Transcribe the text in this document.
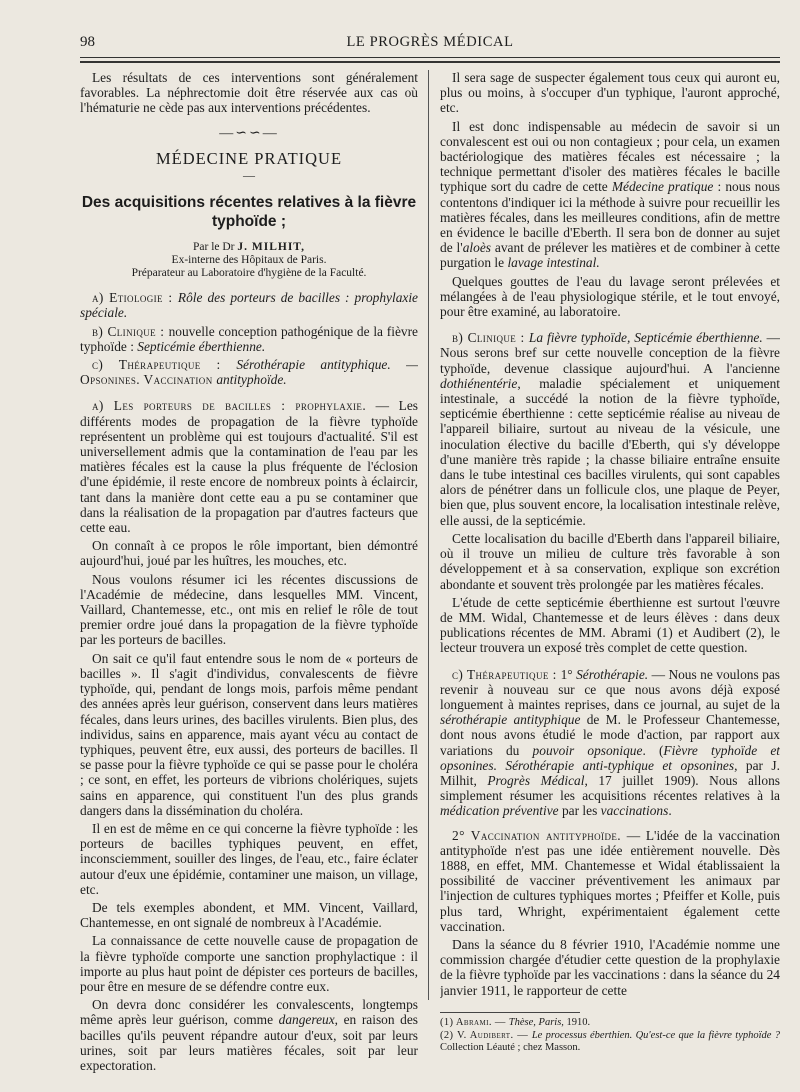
98	LE PROGRÈS MÉDICAL

Les résultats de ces interventions sont généralement favorables. La néphrectomie doit être réservée aux cas où l'hématurie ne cède pas aux interventions précédentes.

—∽∽—
MÉDECINE PRATIQUE
—
Des acquisitions récentes relatives à la fièvre typhoïde ;
Par le Dr J. MILHIT,
Ex-interne des Hôpitaux de Paris.
Préparateur au Laboratoire d'hygiène de la Faculté.

a) Etiologie : Rôle des porteurs de bacilles : prophylaxie spéciale.

b) Clinique : nouvelle conception pathogénique de la fièvre typhoïde : Septicémie éberthienne.

c) Thérapeutique : Sérothérapie antityphique. — Opsonines. Vaccination antityphoïde.

a) Les porteurs de bacilles : prophylaxie. — Les différents modes de propagation de la fièvre typhoïde représentent un problème qui est toujours d'actualité. S'il est universellement admis que la contamination de l'eau par les matières fécales est la cause la plus fréquente de l'éclosion d'une épidémie, il reste encore de nombreux points à éclaircir, tant dans la manière dont cette eau a pu se contaminer que dans la réalisation de la propagation par d'autres facteurs que cette eau.

On connaît à ce propos le rôle important, bien démontré aujourd'hui, joué par les huîtres, les mouches, etc.

Nous voulons résumer ici les récentes discussions de l'Académie de médecine, dans lesquelles MM. Vincent, Vaillard, Chantemesse, etc., ont mis en relief le rôle de tout premier ordre joué dans la propagation de la fièvre typhoïde par les porteurs de bacilles.

On sait ce qu'il faut entendre sous le nom de « porteurs de bacilles ». Il s'agit d'individus, convalescents de fièvre typhoïde, qui, pendant de longs mois, parfois même pendant des années après leur guérison, conservent dans leurs matières fécales, dans leurs urines, des bacilles virulents. Bien plus, des individus, sains en apparence, mais ayant vécu au contact de typhiques, peuvent être, eux aussi, des porteurs de bacilles. Il se passe pour la fièvre typhoïde ce qui se passe pour le choléra ; ce sont, en effet, les porteurs de vibrions cholériques, sujets sains en apparence, qui constituent l'un des plus grands dangers dans la dissémination du choléra.

Il en est de même en ce qui concerne la fièvre typhoïde : les porteurs de bacilles typhiques peuvent, en effet, inconsciemment, souiller des linges, de l'eau, etc., faire éclater autour d'eux une épidémie, contaminer une maison, un village, etc.

De tels exemples abondent, et MM. Vincent, Vaillard, Chantemesse, en ont signalé de nombreux à l'Académie.

La connaissance de cette nouvelle cause de propagation de la fièvre typhoïde comporte une sanction prophylactique : il importe au plus haut point de dépister ces porteurs de bacilles, pour être en mesure de se défendre contre eux.

On devra donc considérer les convalescents, longtemps même après leur guérison, comme dangereux, en raison des bacilles qu'ils peuvent répandre autour d'eux, soit par leurs urines, soit par leurs matières fécales, soit par leur expectoration.

Il sera sage de suspecter également tous ceux qui auront eu, plus ou moins, à s'occuper d'un typhique, l'auront approché, etc.

Il est donc indispensable au médecin de savoir si un convalescent est oui ou non contagieux ; pour cela, un examen bactériologique des matières fécales est nécessaire ; la technique permettant d'isoler des matières fécales le bacille typhique sort du cadre de cette Médecine pratique : nous nous contentons d'indiquer ici la méthode à suivre pour recueillir les matières fécales, dans les meilleures conditions, afin de mettre en évidence le bacille d'Eberth. Il sera bon de donner au sujet de l'aloès avant de prélever les matières et de combiner à cette purgation le lavage intestinal.

Quelques gouttes de l'eau du lavage seront prélevées et mélangées à de l'eau physiologique stérile, et le tout envoyé, pour être examiné, au laboratoire.

b) Clinique : La fièvre typhoïde, Septicémie éberthienne. — Nous serons bref sur cette nouvelle conception de la fièvre typhoïde, devenue classique aujourd'hui. A l'ancienne dothiénentérie, maladie spécialement et uniquement intestinale, a succédé la notion de la fièvre typhoïde, septicémie éberthienne : cette septicémie réalise au niveau de l'appareil biliaire, surtout au niveau de la vésicule, une inoculation élective du bacille d'Eberth, qui s'y développe d'une manière très rapide ; la chasse biliaire entraîne ensuite dans le tube intestinal ces bacilles virulents, qui sont capables alors de pénétrer dans un follicule clos, une plaque de Peyer, bien que, plus souvent encore, la localisation intestinale relève, elle aussi, de la septicémie.

Cette localisation du bacille d'Eberth dans l'appareil biliaire, où il trouve un milieu de culture très favorable à son développement et à sa conservation, explique son excrétion abondante et souvent très prolongée par les matières fécales.

L'étude de cette septicémie éberthienne est surtout l'œuvre de MM. Widal, Chantemesse et de leurs élèves : dans deux publications récentes de MM. Abrami (1) et Audibert (2), le lecteur trouvera un exposé très complet de cette question.

c) Thérapeutique : 1° Sérothérapie. — Nous ne voulons pas revenir à nouveau sur ce que nous avons déjà exposé longuement à maintes reprises, dans ce journal, au sujet de la sérothérapie antityphique de M. le Professeur Chantemesse, dont nous avons étudié le mode d'action, par rapport aux variations du pouvoir opsonique. (Fièvre typhoïde et opsonines. Sérothérapie anti-typhique et opsonines, par J. Milhit, Progrès Médical, 17 juillet 1909). Nous allons simplement résumer les acquisitions récentes relatives à la médication préventive par les vaccinations.

2° Vaccination antityphoïde. — L'idée de la vaccination antityphoïde n'est pas une idée entièrement nouvelle. Dès 1888, en effet, MM. Chantemesse et Widal établissaient la possibilité de vacciner préventivement les animaux par l'injection de cultures typhiques mortes ; Pfeiffer et Kolle, puis plus tard, Whright, expérimentaient également cette vaccination.

Dans la séance du 8 février 1910, l'Académie nomme une commission chargée d'étudier cette question de la prophylaxie de la fièvre typhoïde par les vaccinations : dans la séance du 24 janvier 1911, le rapporteur de cette

(1) Abrami. — Thèse, Paris, 1910.

(2) V. Audibert. — Le processus éberthien. Qu'est-ce que la fièvre typhoïde ? Collection Léauté ; chez Masson.
